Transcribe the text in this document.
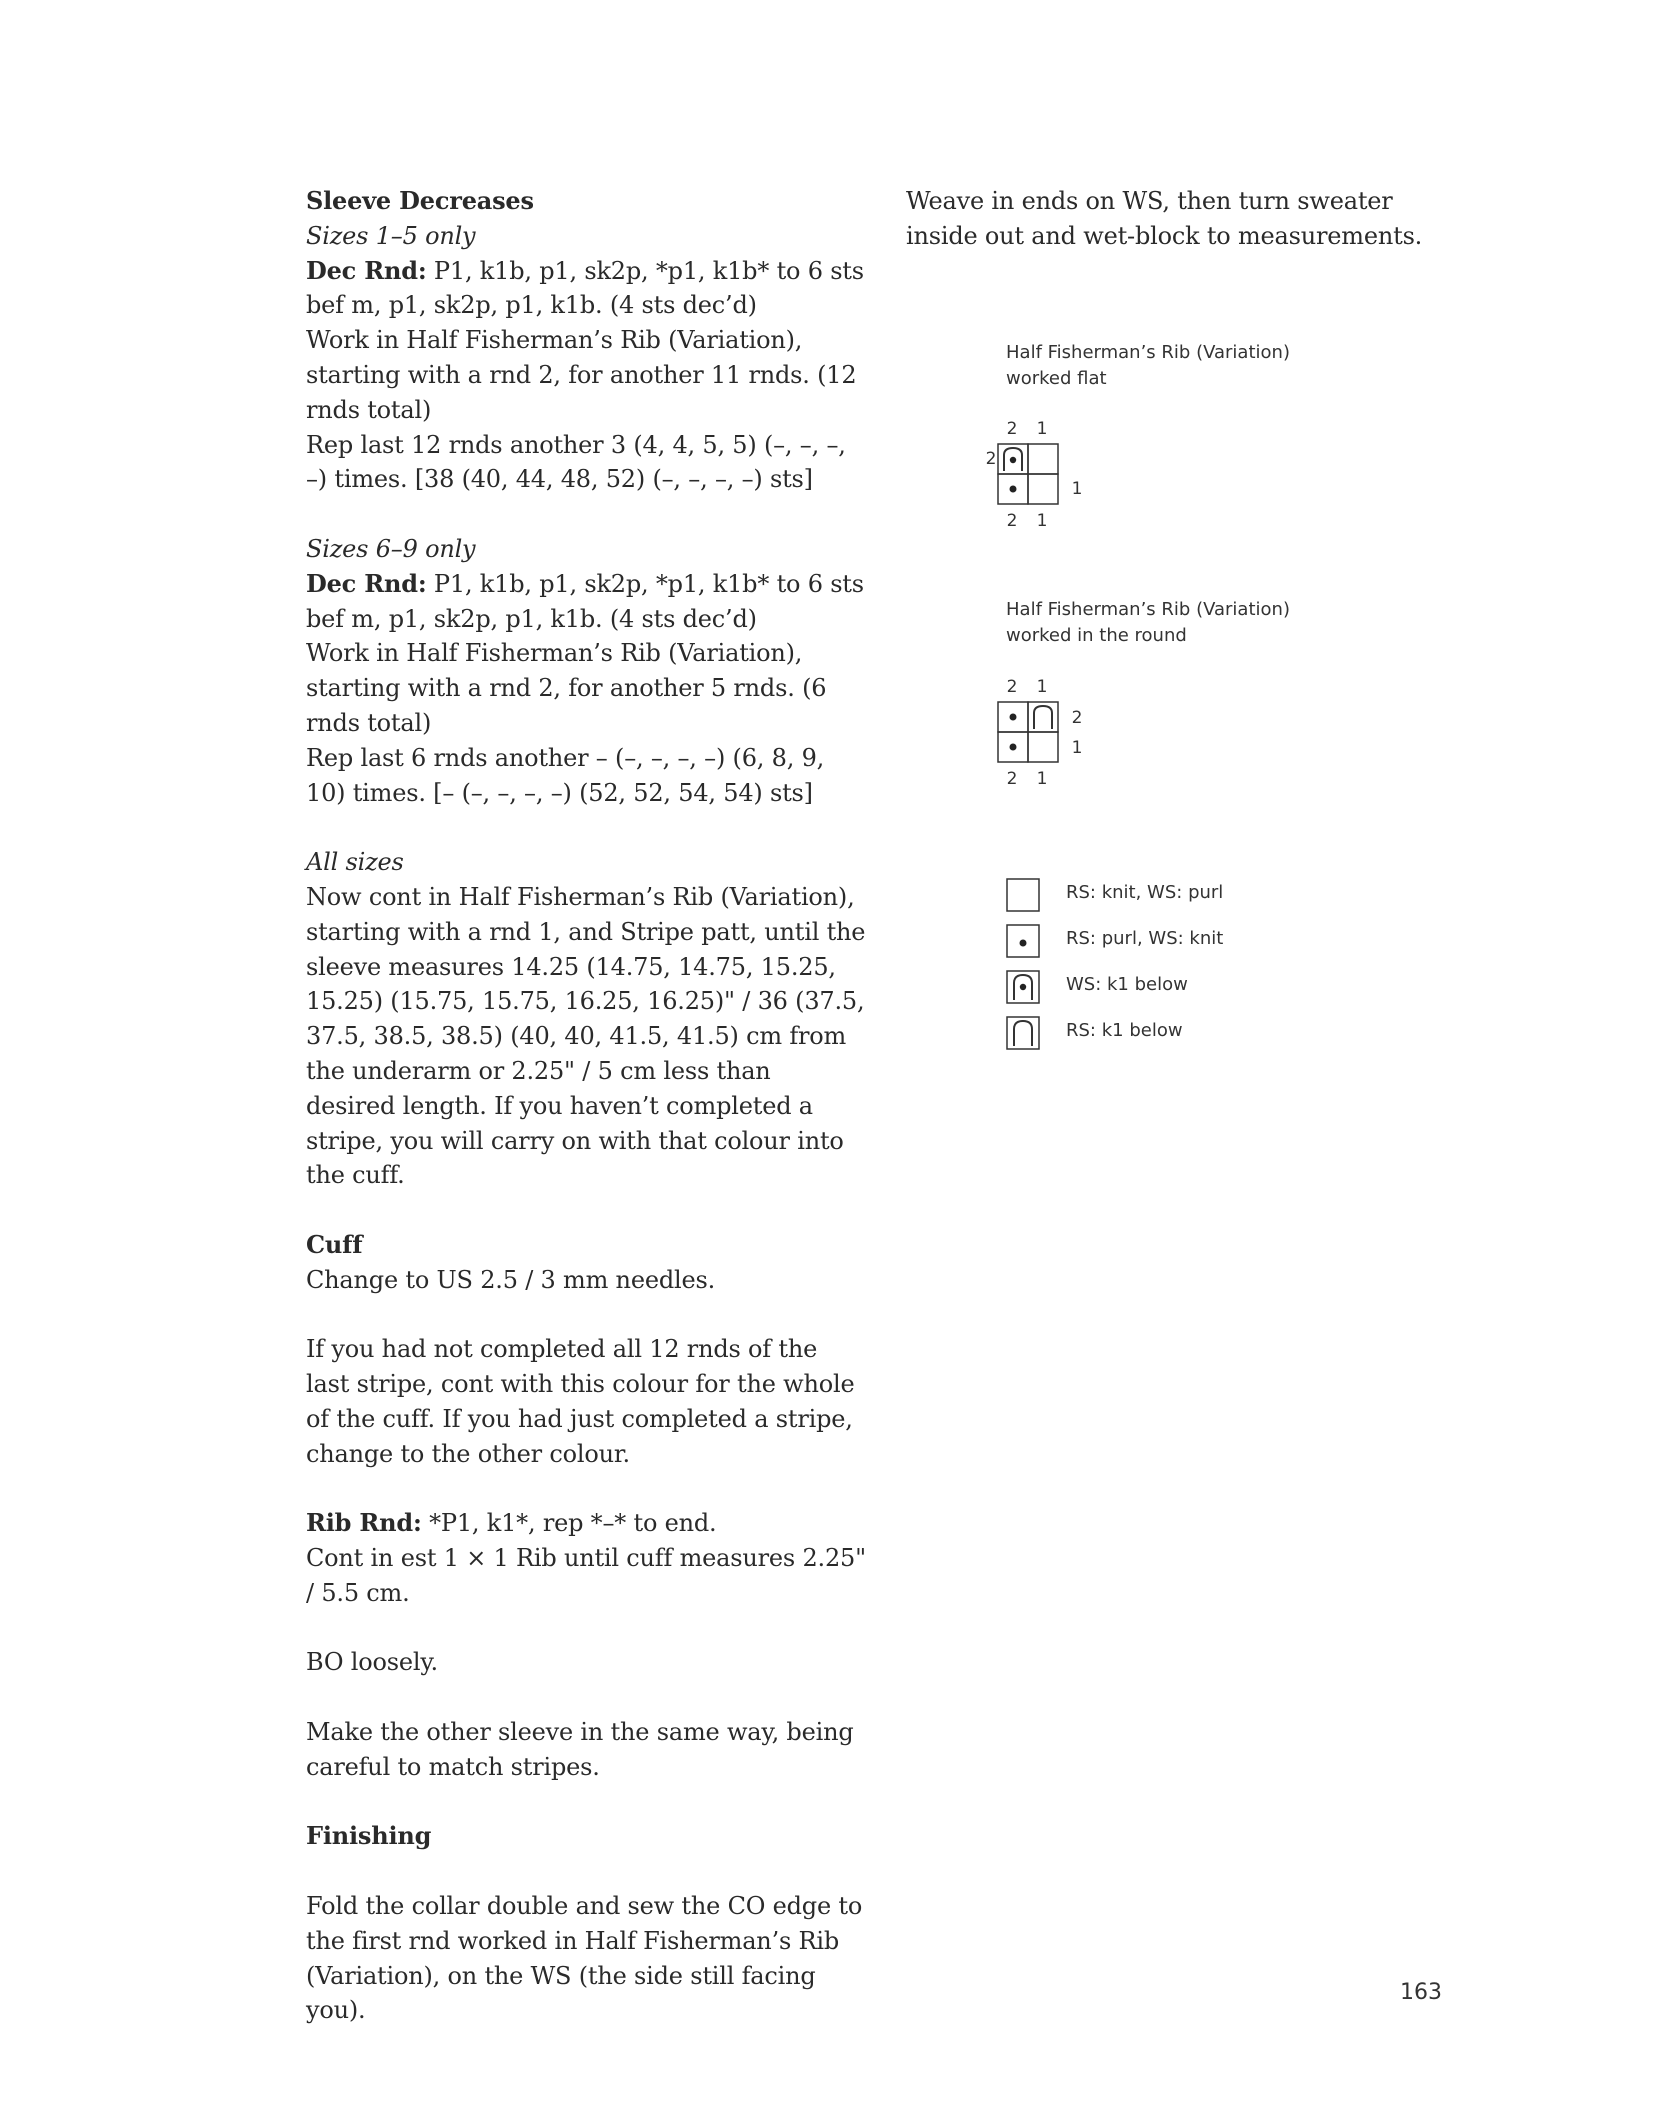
Sleeve Decreases
Sizes 1–5 only
Dec Rnd: P1, k1b, p1, sk2p, *p1, k1b* to 6 sts bef m, p1, sk2p, p1, k1b. (4 sts dec’d)
Work in Half Fisherman’s Rib (Variation), starting with a rnd 2, for another 11 rnds. (12 rnds total)
Rep last 12 rnds another 3 (4, 4, 5, 5) (–, –, –, –) times. [38 (40, 44, 48, 52) (–, –, –, –) sts]

Sizes 6–9 only
Dec Rnd: P1, k1b, p1, sk2p, *p1, k1b* to 6 sts bef m, p1, sk2p, p1, k1b. (4 sts dec’d)
Work in Half Fisherman’s Rib (Variation), starting with a rnd 2, for another 5 rnds. (6 rnds total)
Rep last 6 rnds another – (–, –, –, –) (6, 8, 9, 10) times. [– (–, –, –, –) (52, 52, 54, 54) sts]

All sizes
Now cont in Half Fisherman’s Rib (Variation), starting with a rnd 1, and Stripe patt, until the sleeve measures 14.25 (14.75, 14.75, 15.25, 15.25) (15.75, 15.75, 16.25, 16.25)" / 36 (37.5, 37.5, 38.5, 38.5) (40, 40, 41.5, 41.5) cm from the underarm or 2.25" / 5 cm less than desired length. If you haven’t completed a stripe, you will carry on with that colour into the cuff.

Cuff
Change to US 2.5 / 3 mm needles.

If you had not completed all 12 rnds of the last stripe, cont with this colour for the whole of the cuff. If you had just completed a stripe, change to the other colour.

Rib Rnd: *P1, k1*, rep *–* to end.
Cont in est 1 × 1 Rib until cuff measures 2.25" / 5.5 cm.

BO loosely.

Make the other sleeve in the same way, being careful to match stripes.

Finishing

Fold the collar double and sew the CO edge to the first rnd worked in Half Fisherman’s Rib (Variation), on the WS (the side still facing you).

Weave in ends on WS, then turn sweater inside out and wet-block to measurements.

Half Fisherman’s Rib (Variation)
worked flat
2 1
2
1
2 1
Half Fisherman’s Rib (Variation)
worked in the round
2 1
2
1
2 1
RS: knit, WS: purl
RS: purl, WS: knit
WS: k1 below
RS: k1 below
163
